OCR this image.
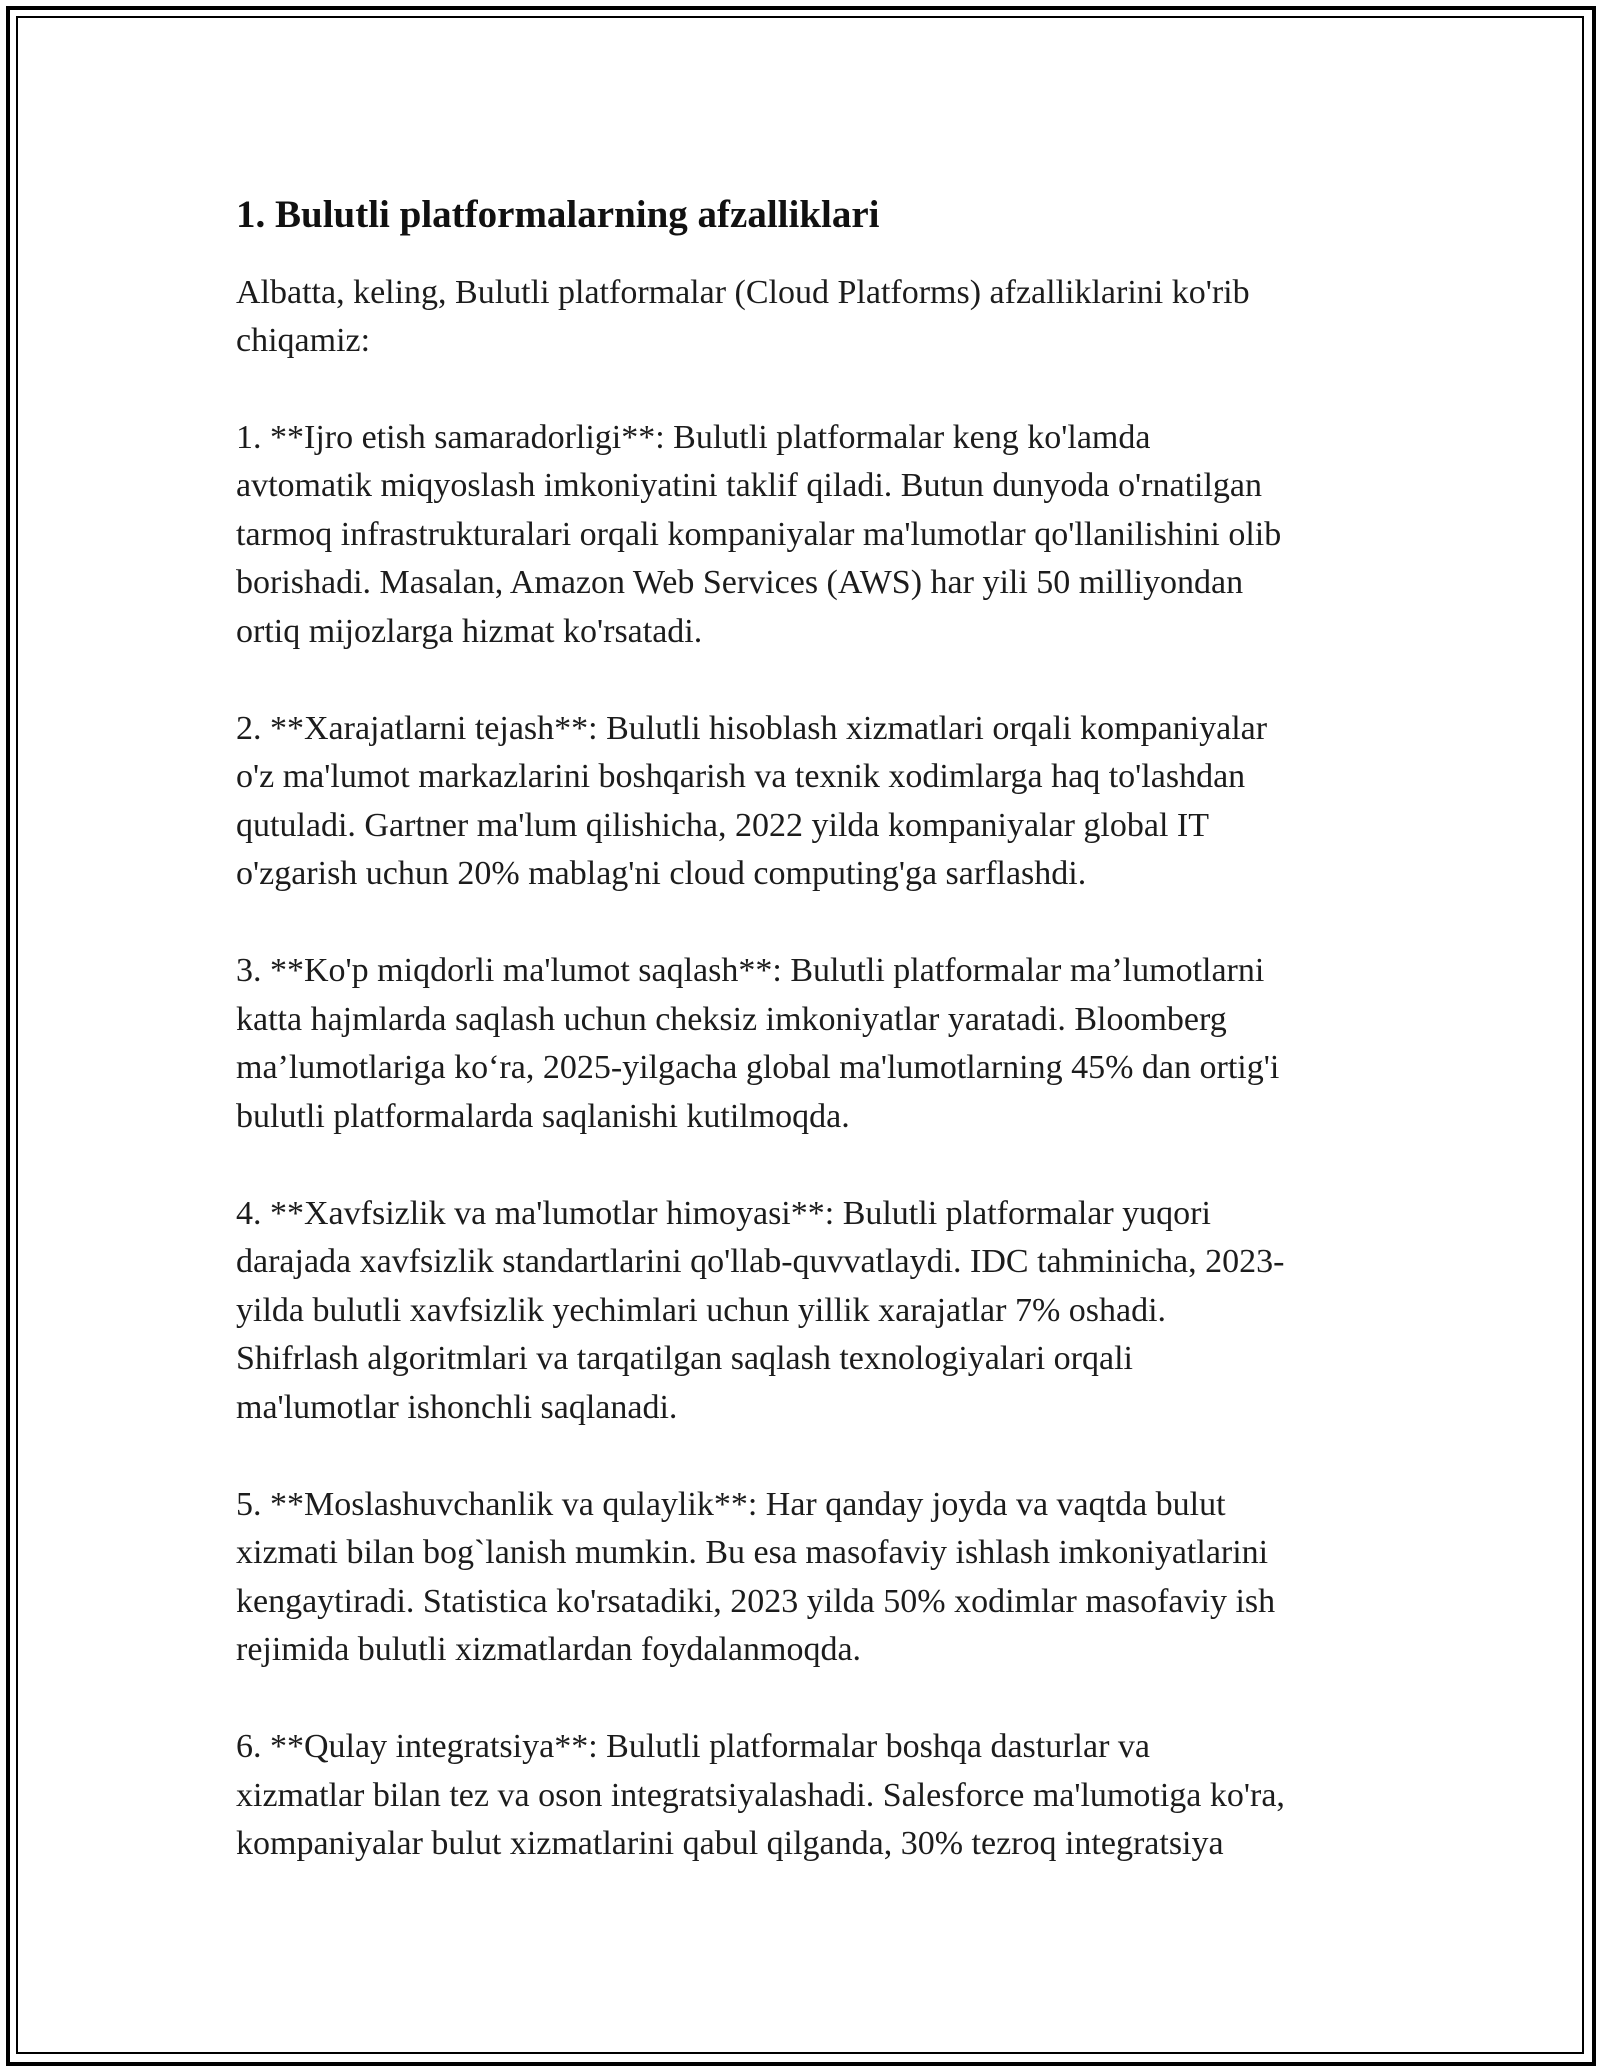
1. Bulutli platformalarning afzalliklari

Albatta, keling, Bulutli platformalar (Cloud Platforms) afzalliklarini ko'rib
chiqamiz:

1. **Ijro etish samaradorligi**: Bulutli platformalar keng ko'lamda
avtomatik miqyoslash imkoniyatini taklif qiladi. Butun dunyoda o'rnatilgan
tarmoq infrastrukturalari orqali kompaniyalar ma'lumotlar qo'llanilishini olib
borishadi. Masalan, Amazon Web Services (AWS) har yili 50 milliyondan
ortiq mijozlarga hizmat ko'rsatadi.

2. **Xarajatlarni tejash**: Bulutli hisoblash xizmatlari orqali kompaniyalar
o'z ma'lumot markazlarini boshqarish va texnik xodimlarga haq to'lashdan
qutuladi. Gartner ma'lum qilishicha, 2022 yilda kompaniyalar global IT
o'zgarish uchun 20% mablag'ni cloud computing'ga sarflashdi.

3. **Ko'p miqdorli ma'lumot saqlash**: Bulutli platformalar ma’lumotlarni
katta hajmlarda saqlash uchun cheksiz imkoniyatlar yaratadi. Bloomberg
ma’lumotlariga ko‘ra, 2025-yilgacha global ma'lumotlarning 45% dan ortig'i
bulutli platformalarda saqlanishi kutilmoqda.

4. **Xavfsizlik va ma'lumotlar himoyasi**: Bulutli platformalar yuqori
darajada xavfsizlik standartlarini qo'llab-quvvatlaydi. IDC tahminicha, 2023-
yilda bulutli xavfsizlik yechimlari uchun yillik xarajatlar 7% oshadi.
Shifrlash algoritmlari va tarqatilgan saqlash texnologiyalari orqali
ma'lumotlar ishonchli saqlanadi.

5. **Moslashuvchanlik va qulaylik**: Har qanday joyda va vaqtda bulut
xizmati bilan bog`lanish mumkin. Bu esa masofaviy ishlash imkoniyatlarini
kengaytiradi. Statistica ko'rsatadiki, 2023 yilda 50% xodimlar masofaviy ish
rejimida bulutli xizmatlardan foydalanmoqda.

6. **Qulay integratsiya**: Bulutli platformalar boshqa dasturlar va
xizmatlar bilan tez va oson integratsiyalashadi. Salesforce ma'lumotiga ko'ra,
kompaniyalar bulut xizmatlarini qabul qilganda, 30% tezroq integratsiya
